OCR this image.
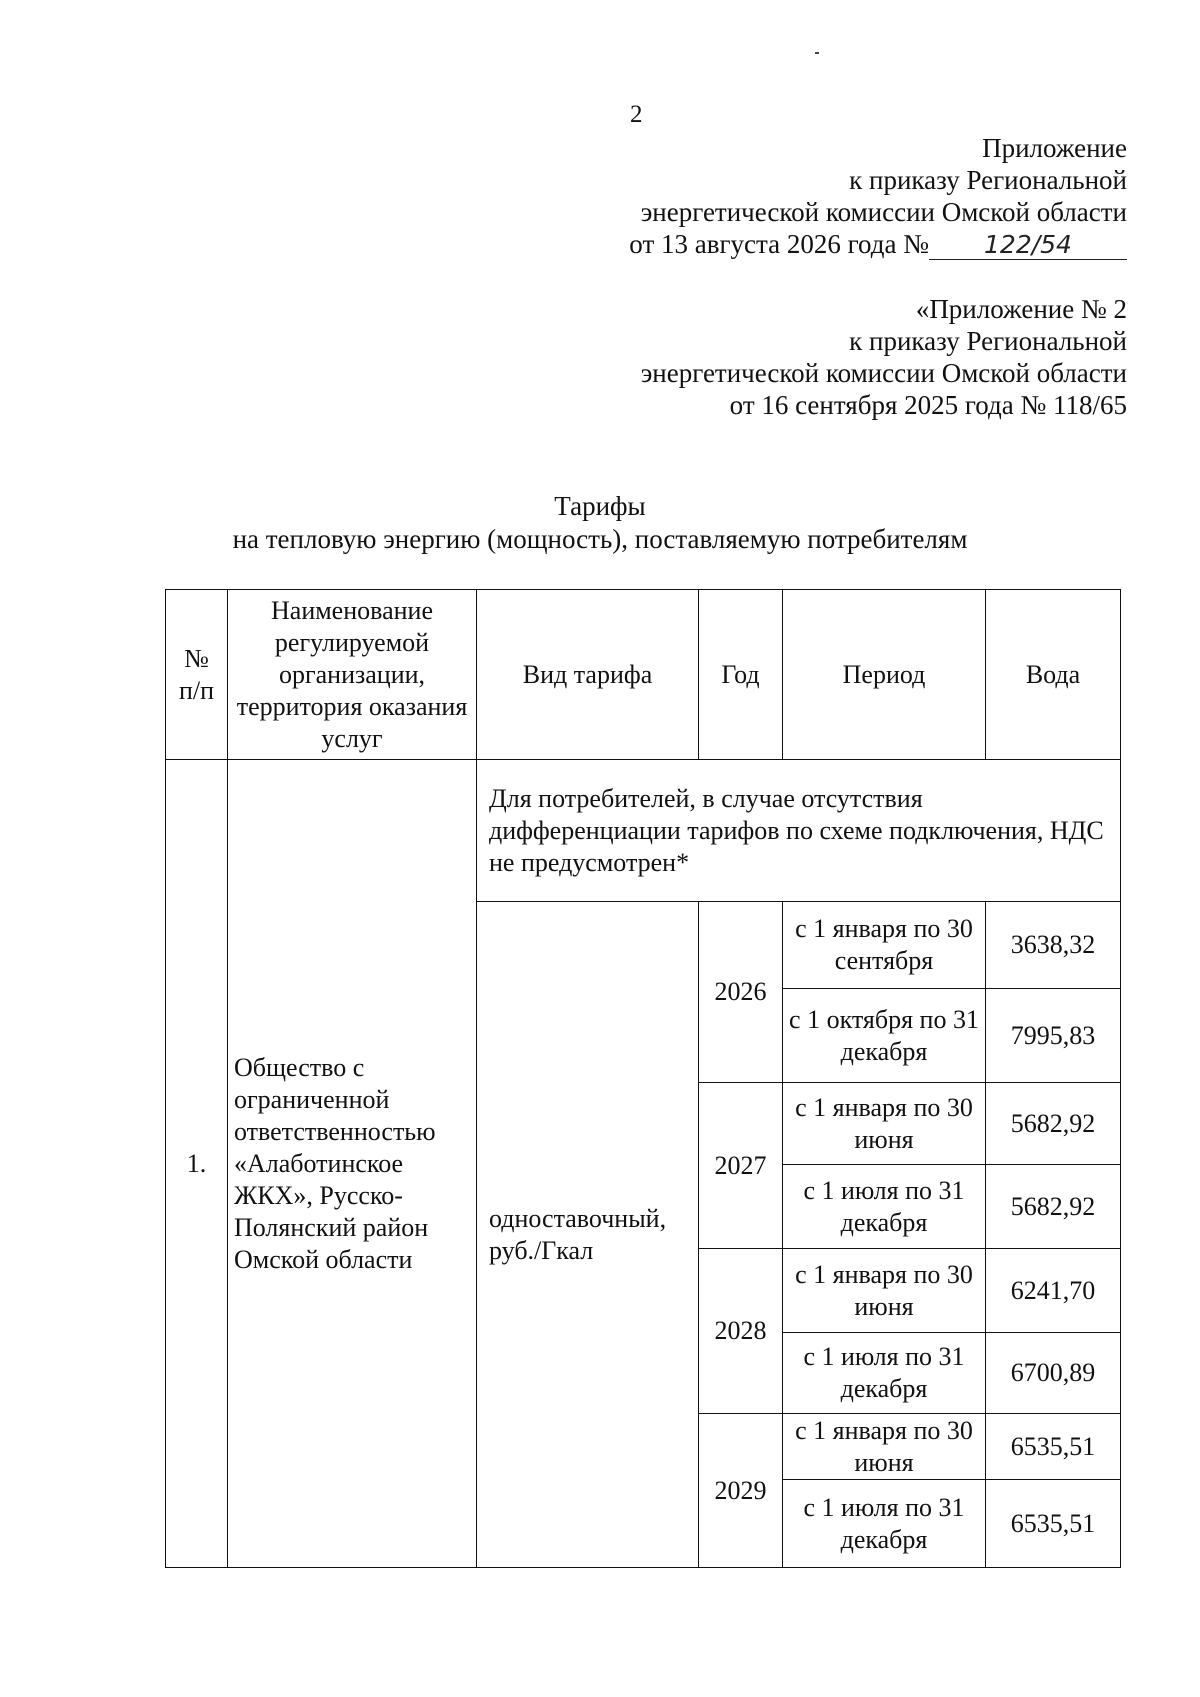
2
Приложение
к приказу Региональной
энергетической комиссии Омской области
от 13 августа 2026 года № 122/54
«Приложение № 2
к приказу Региональной
энергетической комиссии Омской области
от 16 сентября 2025 года № 118/65
Тарифы
на тепловую энергию (мощность), поставляемую потребителям
№ п/п	Наименование регулируемой организации, территория оказания услуг	Вид тарифа	Год	Период	Вода
1.	Общество с ограниченной ответственностью «Алаботинское ЖКХ», Русско-Полянский район Омской области	Для потребителей, в случае отсутствия дифференциации тарифов по схеме подключения, НДС не предусмотрен*			
		одноставочный, руб./Гкал	2026	с 1 января по 30 сентября	3638,32
				с 1 октября по 31 декабря	7995,83
			2027	с 1 января по 30 июня	5682,92
				с 1 июля по 31 декабря	5682,92
			2028	с 1 января по 30 июня	6241,70
				с 1 июля по 31 декабря	6700,89
			2029	с 1 января по 30 июня	6535,51
				с 1 июля по 31 декабря	6535,51
